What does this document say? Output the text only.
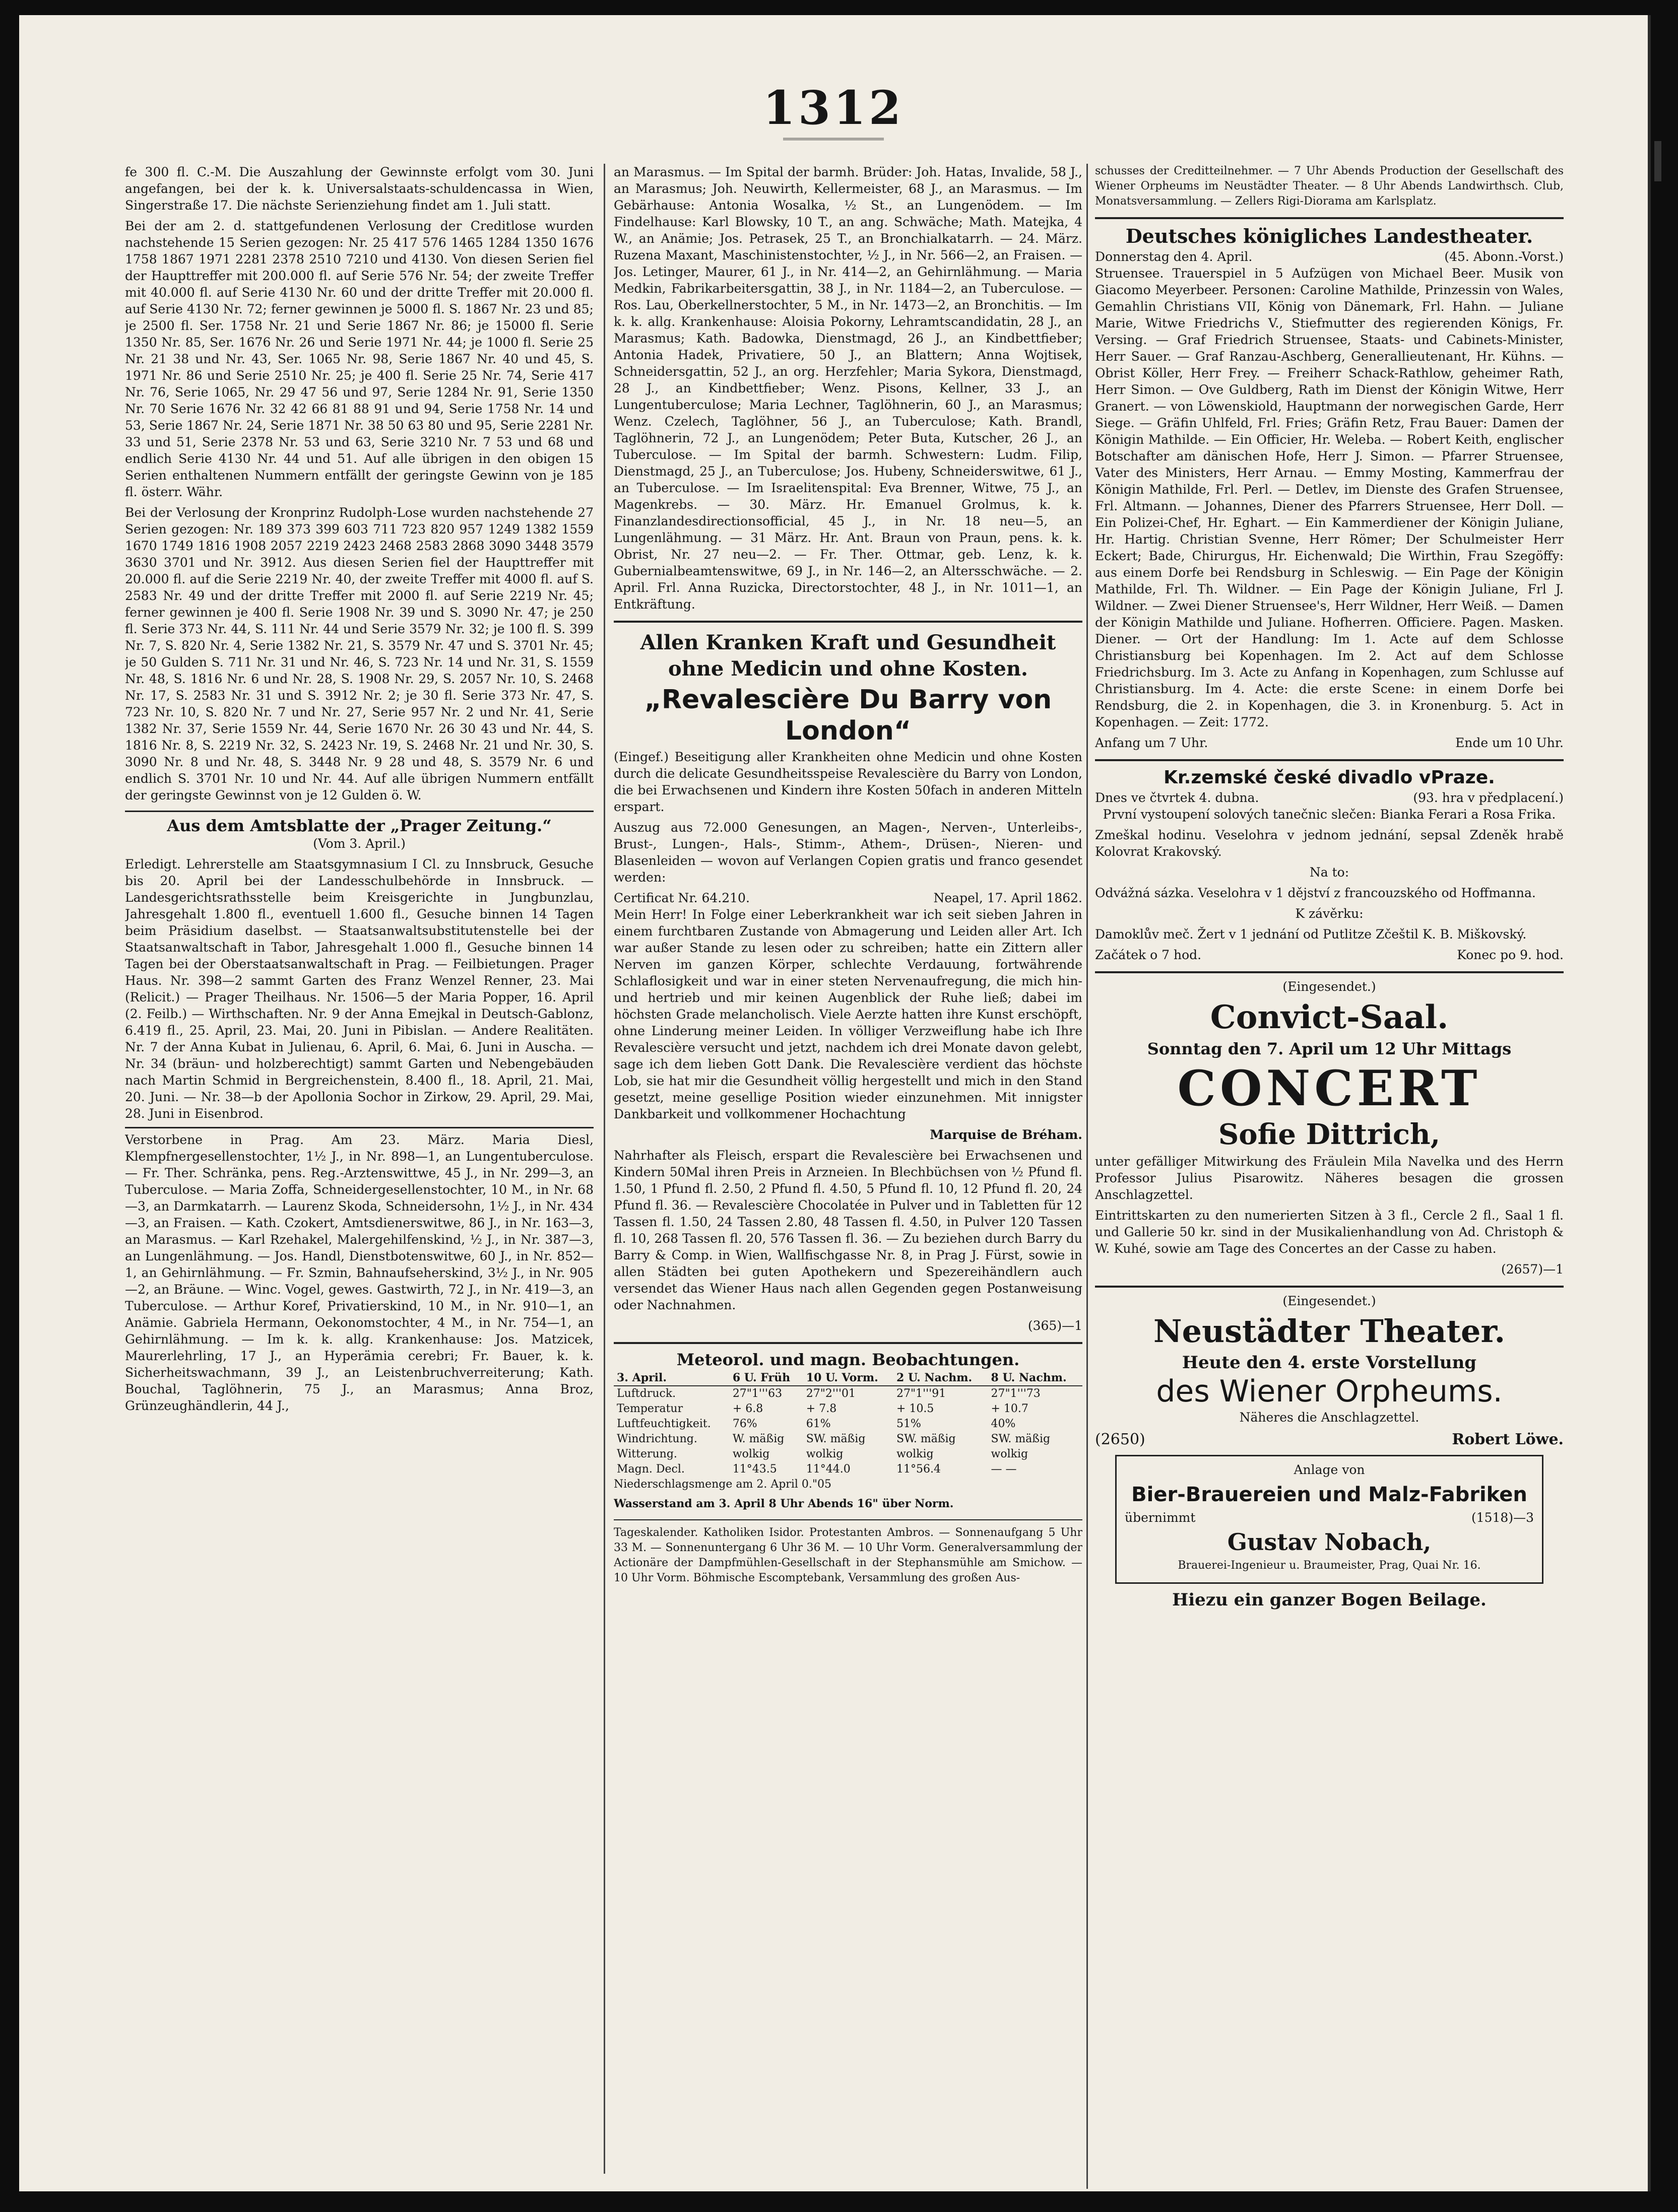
1312

fe 300 fl. C.-M. Die Auszahlung der Gewinnste erfolgt vom 30. Juni angefangen, bei der k. k. Universalstaats-schuldencassa in Wien, Singerstraße 17. Die nächste Serienziehung findet am 1. Juli statt.

Bei der am 2. d. stattgefundenen Verlosung der Creditlose wurden nachstehende 15 Serien gezogen: Nr. 25 417 576 1465 1284 1350 1676 1758 1867 1971 2281 2378 2510 7210 und 4130. Von diesen Serien fiel der Haupttreffer mit 200.000 fl. auf Serie 576 Nr. 54; der zweite Treffer mit 40.000 fl. auf Serie 4130 Nr. 60 und der dritte Treffer mit 20.000 fl. auf Serie 4130 Nr. 72; ferner gewinnen je 5000 fl. S. 1867 Nr. 23 und 85; je 2500 fl. Ser. 1758 Nr. 21 und Serie 1867 Nr. 86; je 15000 fl. Serie 1350 Nr. 85, Ser. 1676 Nr. 26 und Serie 1971 Nr. 44; je 1000 fl. Serie 25 Nr. 21 38 und Nr. 43, Ser. 1065 Nr. 98, Serie 1867 Nr. 40 und 45, S. 1971 Nr. 86 und Serie 2510 Nr. 25; je 400 fl. Serie 25 Nr. 74, Serie 417 Nr. 76, Serie 1065, Nr. 29 47 56 und 97, Serie 1284 Nr. 91, Serie 1350 Nr. 70 Serie 1676 Nr. 32 42 66 81 88 91 und 94, Serie 1758 Nr. 14 und 53, Serie 1867 Nr. 24, Serie 1871 Nr. 38 50 63 80 und 95, Serie 2281 Nr. 33 und 51, Serie 2378 Nr. 53 und 63, Serie 3210 Nr. 7 53 und 68 und endlich Serie 4130 Nr. 44 und 51. Auf alle übrigen in den obigen 15 Serien enthaltenen Nummern entfällt der geringste Gewinn von je 185 fl. österr. Währ.

Bei der Verlosung der Kronprinz Rudolph-Lose wurden nachstehende 27 Serien gezogen: Nr. 189 373 399 603 711 723 820 957 1249 1382 1559 1670 1749 1816 1908 2057 2219 2423 2468 2583 2868 3090 3448 3579 3630 3701 und Nr. 3912. Aus diesen Serien fiel der Haupttreffer mit 20.000 fl. auf die Serie 2219 Nr. 40, der zweite Treffer mit 4000 fl. auf S. 2583 Nr. 49 und der dritte Treffer mit 2000 fl. auf Serie 2219 Nr. 45; ferner gewinnen je 400 fl. Serie 1908 Nr. 39 und S. 3090 Nr. 47; je 250 fl. Serie 373 Nr. 44, S. 111 Nr. 44 und Serie 3579 Nr. 32; je 100 fl. S. 399 Nr. 7, S. 820 Nr. 4, Serie 1382 Nr. 21, S. 3579 Nr. 47 und S. 3701 Nr. 45; je 50 Gulden S. 711 Nr. 31 und Nr. 46, S. 723 Nr. 14 und Nr. 31, S. 1559 Nr. 48, S. 1816 Nr. 6 und Nr. 28, S. 1908 Nr. 29, S. 2057 Nr. 10, S. 2468 Nr. 17, S. 2583 Nr. 31 und S. 3912 Nr. 2; je 30 fl. Serie 373 Nr. 47, S. 723 Nr. 10, S. 820 Nr. 7 und Nr. 27, Serie 957 Nr. 2 und Nr. 41, Serie 1382 Nr. 37, Serie 1559 Nr. 44, Serie 1670 Nr. 26 30 43 und Nr. 44, S. 1816 Nr. 8, S. 2219 Nr. 32, S. 2423 Nr. 19, S. 2468 Nr. 21 und Nr. 30, S. 3090 Nr. 8 und Nr. 48, S. 3448 Nr. 9 28 und 48, S. 3579 Nr. 6 und endlich S. 3701 Nr. 10 und Nr. 44. Auf alle übrigen Nummern entfällt der geringste Gewinnst von je 12 Gulden ö. W.

Aus dem Amtsblatte der „Prager Zeitung.“

(Vom 3. April.)

Erledigt. Lehrerstelle am Staatsgymnasium I Cl. zu Innsbruck, Gesuche bis 20. April bei der Landesschulbehörde in Innsbruck. — Landesgerichtsrathsstelle beim Kreisgerichte in Jungbunzlau, Jahresgehalt 1.800 fl., eventuell 1.600 fl., Gesuche binnen 14 Tagen beim Präsidium daselbst. — Staatsanwaltsubstitutenstelle bei der Staatsanwaltschaft in Tabor, Jahresgehalt 1.000 fl., Gesuche binnen 14 Tagen bei der Oberstaatsanwaltschaft in Prag. — Feilbietungen. Prager Haus. Nr. 398—2 sammt Garten des Franz Wenzel Renner, 23. Mai (Relicit.) — Prager Theilhaus. Nr. 1506—5 der Maria Popper, 16. April (2. Feilb.) — Wirthschaften. Nr. 9 der Anna Emejkal in Deutsch-Gablonz, 6.419 fl., 25. April, 23. Mai, 20. Juni in Pibislan. — Andere Realitäten. Nr. 7 der Anna Kubat in Julienau, 6. April, 6. Mai, 6. Juni in Auscha. — Nr. 34 (bräun- und holzberechtigt) sammt Garten und Nebengebäuden nach Martin Schmid in Bergreichenstein, 8.400 fl., 18. April, 21. Mai, 20. Juni. — Nr. 38—b der Apollonia Sochor in Zirkow, 29. April, 29. Mai, 28. Juni in Eisenbrod.

Verstorbene in Prag. Am 23. März. Maria Diesl, Klempfnergesellenstochter, 1½ J., in Nr. 898—1, an Lungentuberculose. — Fr. Ther. Schränka, pens. Reg.-Arztenswittwe, 45 J., in Nr. 299—3, an Tuberculose. — Maria Zoffa, Schneidergesellenstochter, 10 M., in Nr. 68—3, an Darmkatarrh. — Laurenz Skoda, Schneidersohn, 1½ J., in Nr. 434—3, an Fraisen. — Kath. Czokert, Amtsdienerswitwe, 86 J., in Nr. 163—3, an Marasmus. — Karl Rzehakel, Malergehilfenskind, ½ J., in Nr. 387—3, an Lungenlähmung. — Jos. Handl, Dienstbotenswitwe, 60 J., in Nr. 852—1, an Gehirnlähmung. — Fr. Szmin, Bahnaufseherskind, 3½ J., in Nr. 905—2, an Bräune. — Winc. Vogel, gewes. Gastwirth, 72 J., in Nr. 419—3, an Tuberculose. — Arthur Koref, Privatierskind, 10 M., in Nr. 910—1, an Anämie. Gabriela Hermann, Oekonomstochter, 4 M., in Nr. 754—1, an Gehirnlähmung. — Im k. k. allg. Krankenhause: Jos. Matzicek, Maurerlehrling, 17 J., an Hyperämia cerebri; Fr. Bauer, k. k. Sicherheitswachmann, 39 J., an Leistenbruchverreiterung; Kath. Bouchal, Taglöhnerin, 75 J., an Marasmus; Anna Broz, Grünzeughändlerin, 44 J.,

an Marasmus. — Im Spital der barmh. Brüder: Joh. Hatas, Invalide, 58 J., an Marasmus; Joh. Neuwirth, Kellermeister, 68 J., an Marasmus. — Im Gebärhause: Antonia Wosalka, ½ St., an Lungenödem. — Im Findelhause: Karl Blowsky, 10 T., an ang. Schwäche; Math. Matejka, 4 W., an Anämie; Jos. Petrasek, 25 T., an Bronchialkatarrh. — 24. März. Ruzena Maxant, Maschinistenstochter, ½ J., in Nr. 566—2, an Fraisen. — Jos. Letinger, Maurer, 61 J., in Nr. 414—2, an Gehirnlähmung. — Maria Medkin, Fabrikarbeitersgattin, 38 J., in Nr. 1184—2, an Tuberculose. — Ros. Lau, Oberkellnerstochter, 5 M., in Nr. 1473—2, an Bronchitis. — Im k. k. allg. Krankenhause: Aloisia Pokorny, Lehramtscandidatin, 28 J., an Marasmus; Kath. Badowka, Dienstmagd, 26 J., an Kindbettfieber; Antonia Hadek, Privatiere, 50 J., an Blattern; Anna Wojtisek, Schneidersgattin, 52 J., an org. Herzfehler; Maria Sykora, Dienstmagd, 28 J., an Kindbettfieber; Wenz. Pisons, Kellner, 33 J., an Lungentuberculose; Maria Lechner, Taglöhnerin, 60 J., an Marasmus; Wenz. Czelech, Taglöhner, 56 J., an Tuberculose; Kath. Brandl, Taglöhnerin, 72 J., an Lungenödem; Peter Buta, Kutscher, 26 J., an Tuberculose. — Im Spital der barmh. Schwestern: Ludm. Filip, Dienstmagd, 25 J., an Tuberculose; Jos. Hubeny, Schneiderswitwe, 61 J., an Tuberculose. — Im Israelitenspital: Eva Brenner, Witwe, 75 J., an Magenkrebs. — 30. März. Hr. Emanuel Grolmus, k. k. Finanzlandesdirectionsofficial, 45 J., in Nr. 18 neu—5, an Lungenlähmung. — 31 März. Hr. Ant. Braun von Praun, pens. k. k. Obrist, Nr. 27 neu—2. — Fr. Ther. Ottmar, geb. Lenz, k. k. Gubernialbeamtenswitwe, 69 J., in Nr. 146—2, an Altersschwäche. — 2. April. Frl. Anna Ruzicka, Directorstochter, 48 J., in Nr. 1011—1, an Entkräftung.

Allen Kranken Kraft und Gesundheit ohne Medicin und ohne Kosten.
„Revalescière Du Barry von London“

(Eingef.) Beseitigung aller Krankheiten ohne Medicin und ohne Kosten durch die delicate Gesundheitsspeise Revalescière du Barry von London, die bei Erwachsenen und Kindern ihre Kosten 50fach in anderen Mitteln erspart.

Auszug aus 72.000 Genesungen, an Magen-, Nerven-, Unterleibs-, Brust-, Lungen-, Hals-, Stimm-, Athem-, Drüsen-, Nieren- und Blasenleiden — wovon auf Verlangen Copien gratis und franco gesendet werden:

Certificat Nr. 64.210.	Neapel, 17. April 1862.

Mein Herr! In Folge einer Leberkrankheit war ich seit sieben Jahren in einem furchtbaren Zustande von Abmagerung und Leiden aller Art. Ich war außer Stande zu lesen oder zu schreiben; hatte ein Zittern aller Nerven im ganzen Körper, schlechte Verdauung, fortwährende Schlaflosigkeit und war in einer steten Nervenaufregung, die mich hin- und hertrieb und mir keinen Augenblick der Ruhe ließ; dabei im höchsten Grade melancholisch. Viele Aerzte hatten ihre Kunst erschöpft, ohne Linderung meiner Leiden. In völliger Verzweiflung habe ich Ihre Revalescière versucht und jetzt, nachdem ich drei Monate davon gelebt, sage ich dem lieben Gott Dank. Die Revalescière verdient das höchste Lob, sie hat mir die Gesundheit völlig hergestellt und mich in den Stand gesetzt, meine gesellige Position wieder einzunehmen. Mit innigster Dankbarkeit und vollkommener Hochachtung

Marquise de Bréham.

Nahrhafter als Fleisch, erspart die Revalescière bei Erwachsenen und Kindern 50Mal ihren Preis in Arzneien. In Blechbüchsen von ½ Pfund fl. 1.50, 1 Pfund fl. 2.50, 2 Pfund fl. 4.50, 5 Pfund fl. 10, 12 Pfund fl. 20, 24 Pfund fl. 36. — Revalescière Chocolatée in Pulver und in Tabletten für 12 Tassen fl. 1.50, 24 Tassen 2.80, 48 Tassen fl. 4.50, in Pulver 120 Tassen fl. 10, 268 Tassen fl. 20, 576 Tassen fl. 36. — Zu beziehen durch Barry du Barry & Comp. in Wien, Wallfischgasse Nr. 8, in Prag J. Fürst, sowie in allen Städten bei guten Apothekern und Spezereihändlern auch versendet das Wiener Haus nach allen Gegenden gegen Postanweisung oder Nachnahmen.

(365)—1

Meteorol. und magn. Beobachtungen.
3. April.	6 U. Früh	10 U. Vorm.	2 U. Nachm.	8 U. Nachm.
Luftdruck.	27"1'''63	27"2'''01	27"1'''91	27"1'''73
Temperatur	+ 6.8	+ 7.8	+ 10.5	+ 10.7
Luftfeuchtigkeit.	76%	61%	51%	40%
Windrichtung.	W. mäßig	SW. mäßig	SW. mäßig	SW. mäßig
Witterung.	wolkig	wolkig	wolkig	wolkig
Magn. Decl.	11°43.5	11°44.0	11°56.4	— —

Niederschlagsmenge am 2. April 0."05

Wasserstand am 3. April 8 Uhr Abends 16" über Norm.

Tageskalender. Katholiken Isidor. Protestanten Ambros. — Sonnenaufgang 5 Uhr 33 M. — Sonnenuntergang 6 Uhr 36 M. — 10 Uhr Vorm. Generalversammlung der Actionäre der Dampfmühlen-Gesellschaft in der Stephansmühle am Smichow. — 10 Uhr Vorm. Böhmische Escomptebank, Versammlung des großen Aus-

schusses der Creditteilnehmer. — 7 Uhr Abends Production der Gesellschaft des Wiener Orpheums im Neustädter Theater. — 8 Uhr Abends Landwirthsch. Club, Monatsversammlung. — Zellers Rigi-Diorama am Karlsplatz.

Deutsches königliches Landestheater.
Donnerstag den 4. April.	(45. Abonn.-Vorst.)

Struensee. Trauerspiel in 5 Aufzügen von Michael Beer. Musik von Giacomo Meyerbeer. Personen: Caroline Mathilde, Prinzessin von Wales, Gemahlin Christians VII, König von Dänemark, Frl. Hahn. — Juliane Marie, Witwe Friedrichs V., Stiefmutter des regierenden Königs, Fr. Versing. — Graf Friedrich Struensee, Staats- und Cabinets-Minister, Herr Sauer. — Graf Ranzau-Aschberg, Generallieutenant, Hr. Kühns. — Obrist Köller, Herr Frey. — Freiherr Schack-Rathlow, geheimer Rath, Herr Simon. — Ove Guldberg, Rath im Dienst der Königin Witwe, Herr Granert. — von Löwenskiold, Hauptmann der norwegischen Garde, Herr Siege. — Gräfin Uhlfeld, Frl. Fries; Gräfin Retz, Frau Bauer: Damen der Königin Mathilde. — Ein Officier, Hr. Weleba. — Robert Keith, englischer Botschafter am dänischen Hofe, Herr J. Simon. — Pfarrer Struensee, Vater des Ministers, Herr Arnau. — Emmy Mosting, Kammerfrau der Königin Mathilde, Frl. Perl. — Detlev, im Dienste des Grafen Struensee, Frl. Altmann. — Johannes, Diener des Pfarrers Struensee, Herr Doll. — Ein Polizei-Chef, Hr. Eghart. — Ein Kammerdiener der Königin Juliane, Hr. Hartig. Christian Svenne, Herr Römer; Der Schulmeister Herr Eckert; Bade, Chirurgus, Hr. Eichenwald; Die Wirthin, Frau Szegöffy: aus einem Dorfe bei Rendsburg in Schleswig. — Ein Page der Königin Mathilde, Frl. Th. Wildner. — Ein Page der Königin Juliane, Frl J. Wildner. — Zwei Diener Struensee's, Herr Wildner, Herr Weiß. — Damen der Königin Mathilde und Juliane. Hofherren. Officiere. Pagen. Masken. Diener. — Ort der Handlung: Im 1. Acte auf dem Schlosse Christiansburg bei Kopenhagen. Im 2. Act auf dem Schlosse Friedrichsburg. Im 3. Acte zu Anfang in Kopenhagen, zum Schlusse auf Christiansburg. Im 4. Acte: die erste Scene: in einem Dorfe bei Rendsburg, die 2. in Kopenhagen, die 3. in Kronenburg. 5. Act in Kopenhagen. — Zeit: 1772.

Anfang um 7 Uhr.	Ende um 10 Uhr.
Kr.zemské české divadlo vPraze.
Dnes ve čtvrtek 4. dubna.	(93. hra v předplacení.)

První vystoupení solových tanečnic slečen: Bianka Ferari a Rosa Frika.

Zmeškal hodinu. Veselohra v jednom jednání, sepsal Zdeněk hrabě Kolovrat Krakovský.

Na to:

Odvážná sázka. Veselohra v 1 dějství z francouzského od Hoffmanna.

K závěrku:

Damoklův meč. Žert v 1 jednání od Putlitze Zčeštil K. B. Miškovský.

Začátek o 7 hod.	Konec po 9. hod.

(Eingesendet.)

Convict-Saal.
Sonntag den 7. April um 12 Uhr Mittags
CONCERT
Sofie Dittrich,

unter gefälliger Mitwirkung des Fräulein Mila Navelka und des Herrn Professor Julius Pisarowitz. Näheres besagen die grossen Anschlagzettel.

Eintrittskarten zu den numerierten Sitzen à 3 fl., Cercle 2 fl., Saal 1 fl. und Gallerie 50 kr. sind in der Musikalienhandlung von Ad. Christoph & W. Kuhé, sowie am Tage des Concertes an der Casse zu haben.

(2657)—1

(Eingesendet.)

Neustädter Theater.
Heute den 4. erste Vorstellung
des Wiener Orpheums.

Näheres die Anschlagzettel.

(2650)	Robert Löwe.

Anlage von

Bier-Brauereien und Malz-Fabriken
übernimmt	(1518)—3
Gustav Nobach,

Brauerei-Ingenieur u. Braumeister, Prag, Quai Nr. 16.

Hiezu ein ganzer Bogen Beilage.
